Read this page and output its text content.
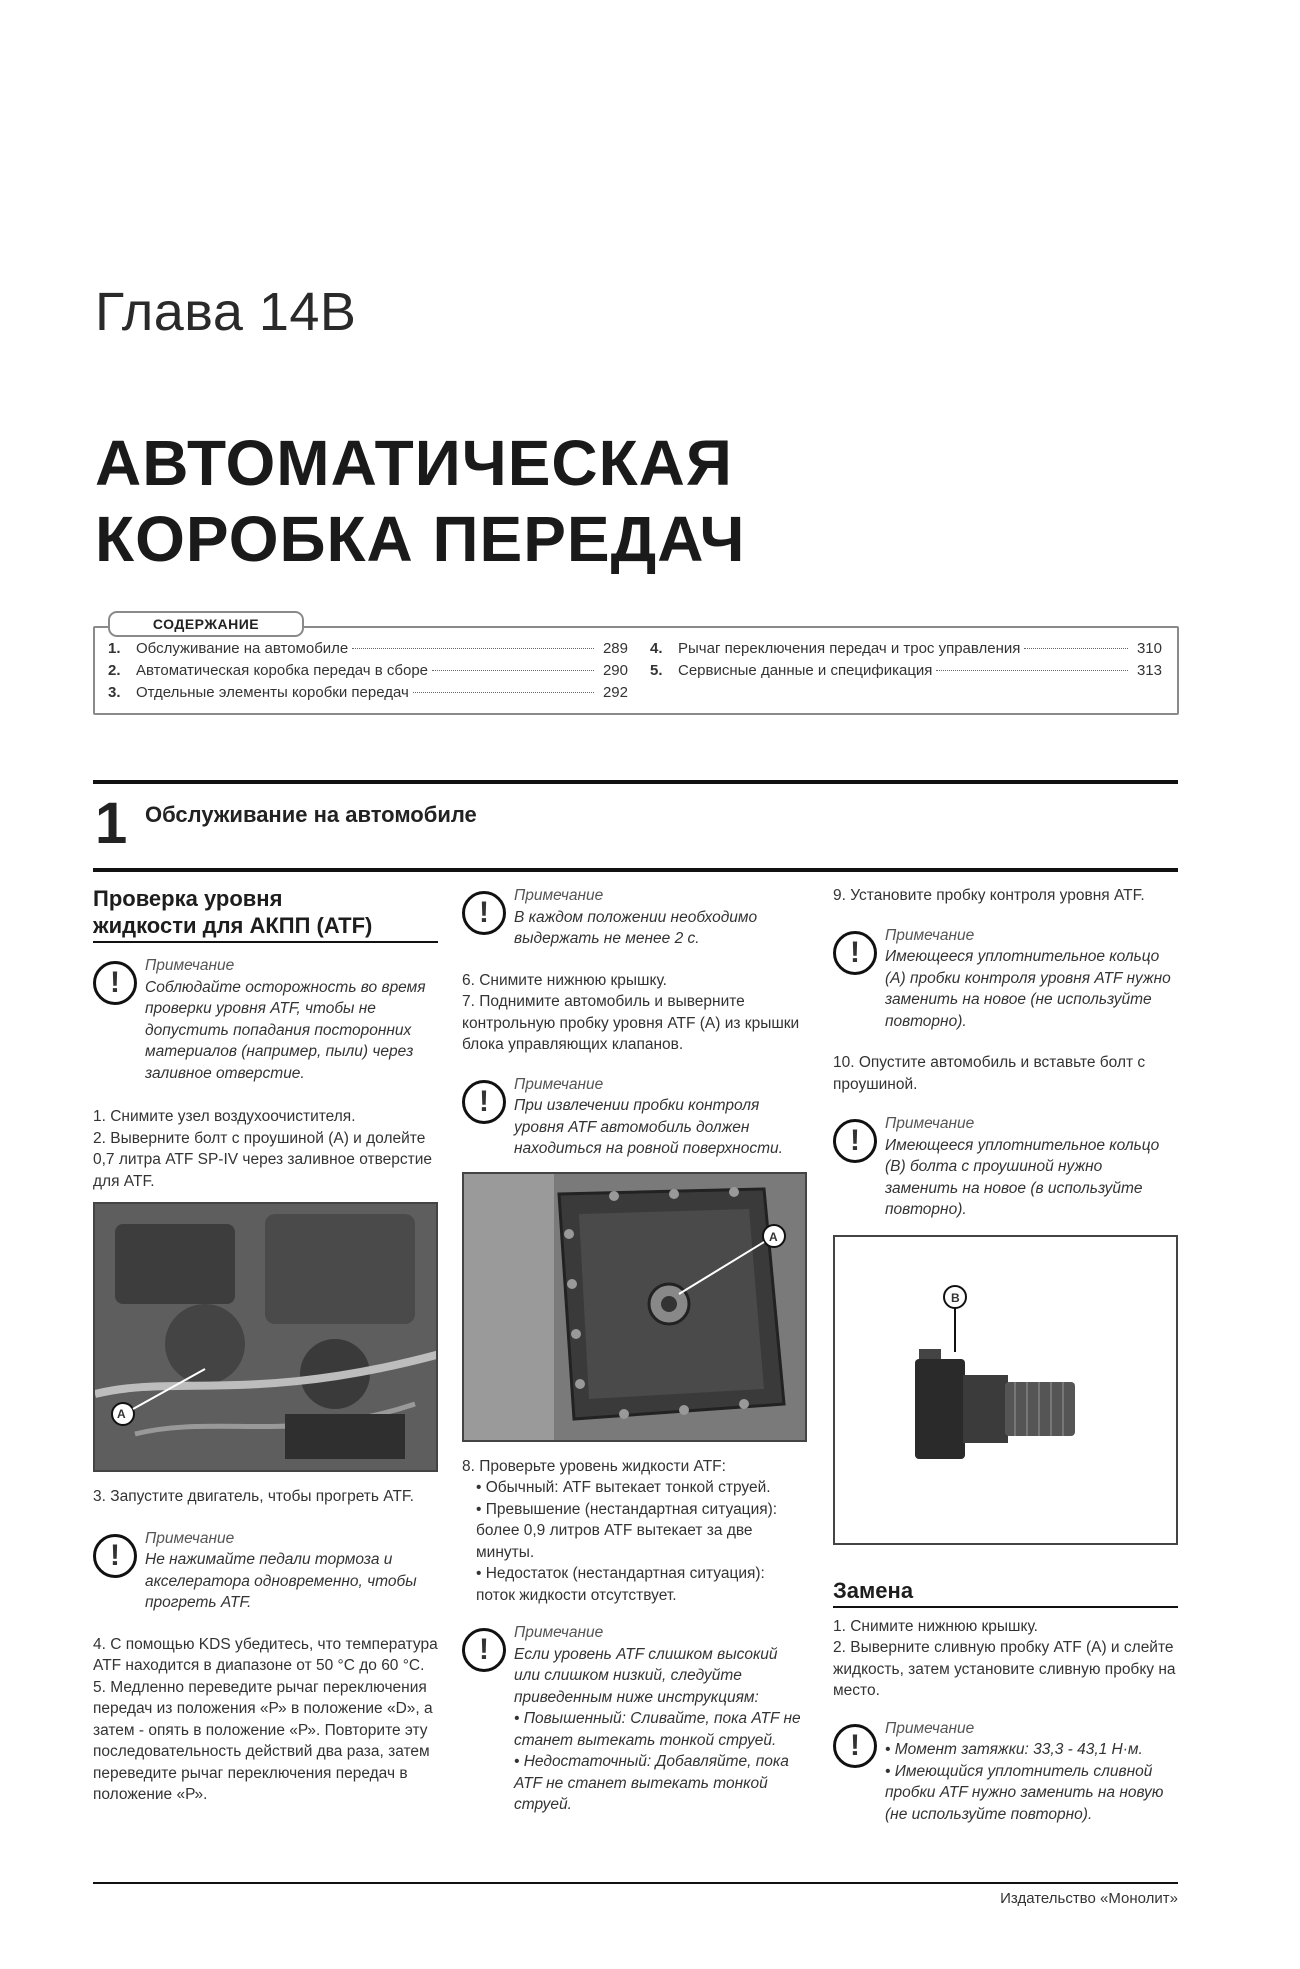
Глава 14В
АВТОМАТИЧЕСКАЯ
КОРОБКА ПЕРЕДАЧ
СОДЕРЖАНИЕ
1.	Обслуживание на автомобиле	289
2.	Автоматическая коробка передач в сборе	290
3.	Отдельные элементы коробки передач	292
4.	Рычаг переключения передач и трос управления	310
5.	Сервисные данные и спецификация	313
1 Обслуживание на автомобиле
Проверка уровня
жидкости для АКПП (ATF)
!
Примечание
Соблюдайте осторожность во время проверки уровня ATF, чтобы не допустить попадания посторонних материалов (например, пыли) через заливное отверстие.

1. Снимите узел воздухоочистителя.

2. Выверните болт с проушиной (А) и долейте 0,7 литра ATF SP-IV через заливное отверстие для ATF.

A

3. Запустите двигатель, чтобы прогреть ATF.

!
Примечание
Не нажимайте педали тормоза и акселератора одновременно, чтобы прогреть ATF.

4. С помощью KDS убедитесь, что температура ATF находится в диапазоне от 50 °С до 60 °С.

5. Медленно переведите рычаг переключения передач из положения «Р» в положение «D», а затем - опять в положение «Р». Повторите эту последовательность действий два раза, затем переведите рычаг переключения передач в положение «Р».

!
Примечание
В каждом положении необходимо выдержать не менее 2 с.

6. Снимите нижнюю крышку.

7. Поднимите автомобиль и выверните контрольную пробку уровня ATF (А) из крышки блока управляющих клапанов.

!
Примечание
При извлечении пробки контроля уровня ATF автомобиль должен находиться на ровной поверхности.
A

8. Проверьте уровень жидкости ATF:

• Обычный: ATF вытекает тонкой струей.

• Превышение (нестандартная ситуация): более 0,9 литров ATF вытекает за две минуты.

• Недостаток (нестандартная ситуация): поток жидкости отсутствует.

!
Примечание
Если уровень ATF слишком высокий или слишком низкий, следуйте приведенным ниже инструкциям:
• Повышенный: Сливайте, пока ATF не станет вытекать тонкой струей.
• Недостаточный: Добавляйте, пока ATF не станет вытекать тонкой струей.

9. Установите пробку контроля уровня ATF.

!
Примечание
Имеющееся уплотнительное кольцо (А) пробки контроля уровня ATF нужно заменить на новое (не используйте повторно).

10. Опустите автомобиль и вставьте болт с проушиной.

!
Примечание
Имеющееся уплотнительное кольцо (В) болта с проушиной нужно заменить на новое (в используйте повторно).
B
Замена

1. Снимите нижнюю крышку.

2. Выверните сливную пробку ATF (А) и слейте жидкость, затем установите сливную пробку на место.

!
Примечание
• Момент затяжки: 33,3 - 43,1 Н·м.
• Имеющийся уплотнитель сливной пробки ATF нужно заменить на новую (не используйте повторно).
Издательство «Монолит»
